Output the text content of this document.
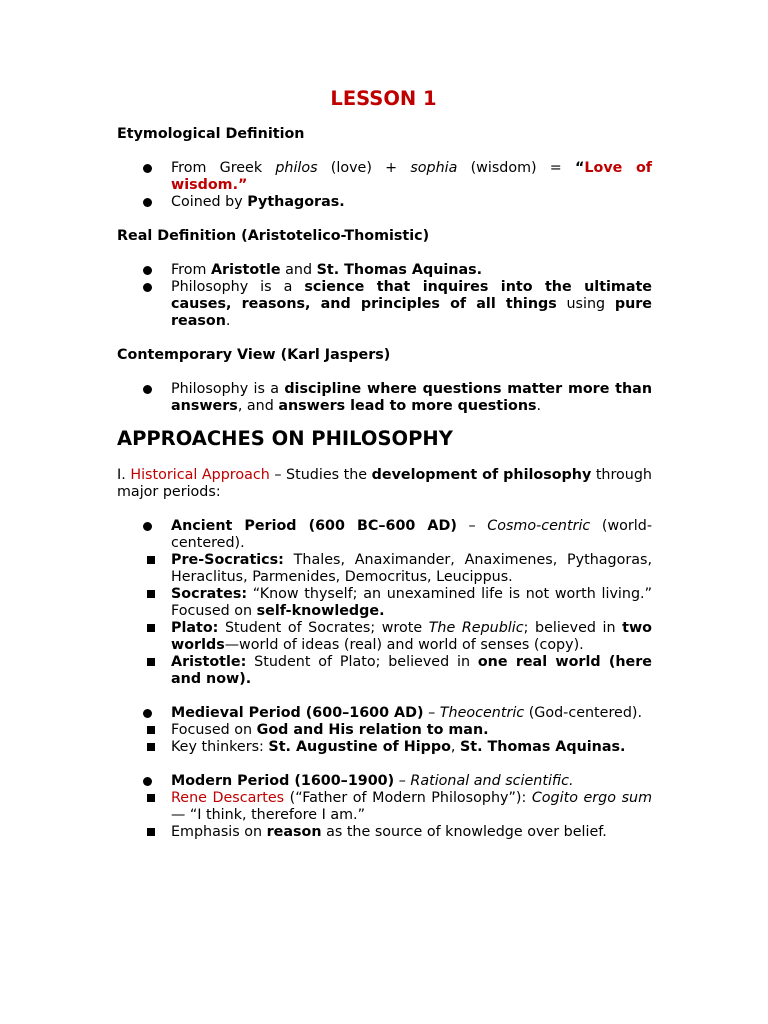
LESSON 1
Etymological Definition
From Greek philos (love) + sophia (wisdom) = “Love of wisdom.”
Coined by Pythagoras.
Real Definition (Aristotelico-Thomistic)
From Aristotle and St. Thomas Aquinas.
Philosophy is a science that inquires into the ultimate causes, reasons, and principles of all things using pure reason.
Contemporary View (Karl Jaspers)
Philosophy is a discipline where questions matter more than answers, and answers lead to more questions.
APPROACHES ON PHILOSOPHY
I. Historical Approach – Studies the development of philosophy through major periods:
Ancient Period (600 BC–600 AD) – Cosmo-centric (world-centered).
Pre-Socratics: Thales, Anaximander, Anaximenes, Pythagoras, Heraclitus, Parmenides, Democritus, Leucippus.
Socrates: “Know thyself; an unexamined life is not worth living.” Focused on self-knowledge.
Plato: Student of Socrates; wrote The Republic; believed in two worlds—world of ideas (real) and world of senses (copy).
Aristotle: Student of Plato; believed in one real world (here and now).
Medieval Period (600–1600 AD) – Theocentric (God-centered).
Focused on God and His relation to man.
Key thinkers: St. Augustine of Hippo, St. Thomas Aquinas.
Modern Period (1600–1900) – Rational and scientific.
Rene Descartes (“Father of Modern Philosophy”): Cogito ergo sum — “I think, therefore I am.”
Emphasis on reason as the source of knowledge over belief.
